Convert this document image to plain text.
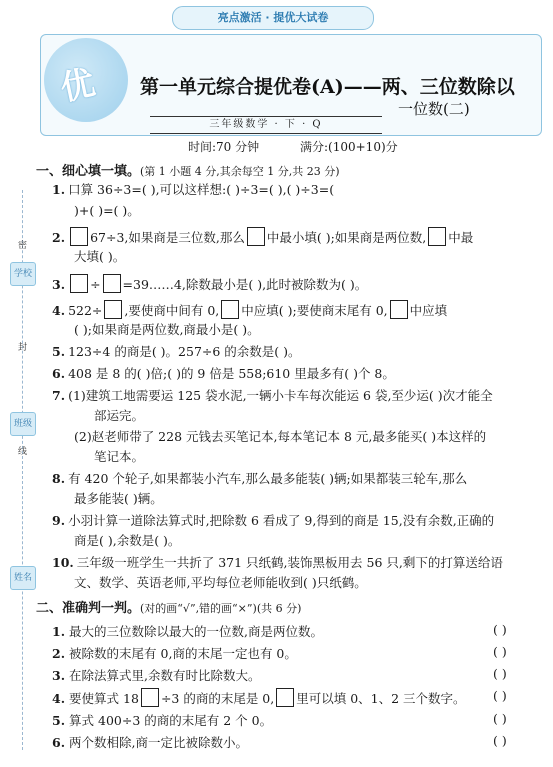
密
学校
封
班级
线
姓名
亮点激活 · 提优大试卷
优 第一单元综合提优卷(A)——两、三位数除以
一位数(二)
三年级数学 · 下 · Q
时间:70 分钟	满分:(100+10)分
一、细心填一填。(第 1 小题 4 分,其余每空 1 分,共 23 分)
1. 口算 36÷3=( ),可以这样想:( )÷3=( ),( )÷3=(
)+( )=( )。
2. 67÷3,如果商是三位数,那么 中最小填( );如果商是两位数, 中最
大填( )。
3. ÷ =39……4,除数最小是( ),此时被除数为( )。
4. 522÷ ,要使商中间有 0, 中应填( );要使商末尾有 0, 中应填
( );如果商是两位数,商最小是( )。
5. 123÷4 的商是( )。257÷6 的余数是( )。
6. 408 是 8 的( )倍;( )的 9 倍是 558;610 里最多有( )个 8。
7. (1)建筑工地需要运 125 袋水泥,一辆小卡车每次能运 6 袋,至少运( )次才能全
部运完。
(2)赵老师带了 228 元钱去买笔记本,每本笔记本 8 元,最多能买( )本这样的
笔记本。
8. 有 420 个轮子,如果都装小汽车,那么最多能装( )辆;如果都装三轮车,那么
最多能装( )辆。
9. 小羽计算一道除法算式时,把除数 6 看成了 9,得到的商是 15,没有余数,正确的
商是( ),余数是( )。
10. 三年级一班学生一共折了 371 只纸鹤,装饰黑板用去 56 只,剩下的打算送给语
文、数学、英语老师,平均每位老师能收到( )只纸鹤。
二、准确判一判。(对的画“√”,错的画“×”)(共 6 分)
1. 最大的三位数除以最大的一位数,商是两位数。	( )
2. 被除数的末尾有 0,商的末尾一定也有 0。	( )
3. 在除法算式里,余数有时比除数大。	( )
4. 要使算式 18 ÷3 的商的末尾是 0, 里可以填 0、1、2 三个数字。 ( )
5. 算式 400÷3 的商的末尾有 2 个 0。	( )
6. 两个数相除,商一定比被除数小。	( )
